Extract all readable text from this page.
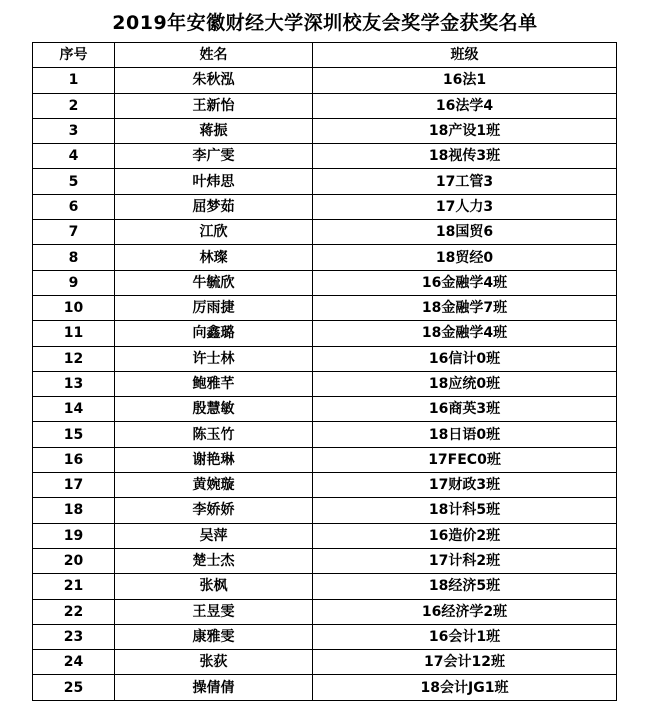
2019年安徽财经大学深圳校友会奖学金获奖名单
序号	姓名	班级
1	朱秋泓	16法1
2	王新怡	16法学4
3	蒋振	18产设1班
4	李广雯	18视传3班
5	叶炜思	17工管3
6	屈梦茹	17人力3
7	江欣	18国贸6
8	林璨	18贸经0
9	牛毓欣	16金融学4班
10	厉雨捷	18金融学7班
11	向鑫璐	18金融学4班
12	许士林	16信计0班
13	鲍雅芊	18应统0班
14	殷慧敏	16商英3班
15	陈玉竹	18日语0班
16	谢艳琳	17FEC0班
17	黄婉璇	17财政3班
18	李娇娇	18计科5班
19	吴萍	16造价2班
20	楚士杰	17计科2班
21	张枫	18经济5班
22	王昱雯	16经济学2班
23	康雅雯	16会计1班
24	张荻	17会计12班
25	操倩倩	18会计JG1班
